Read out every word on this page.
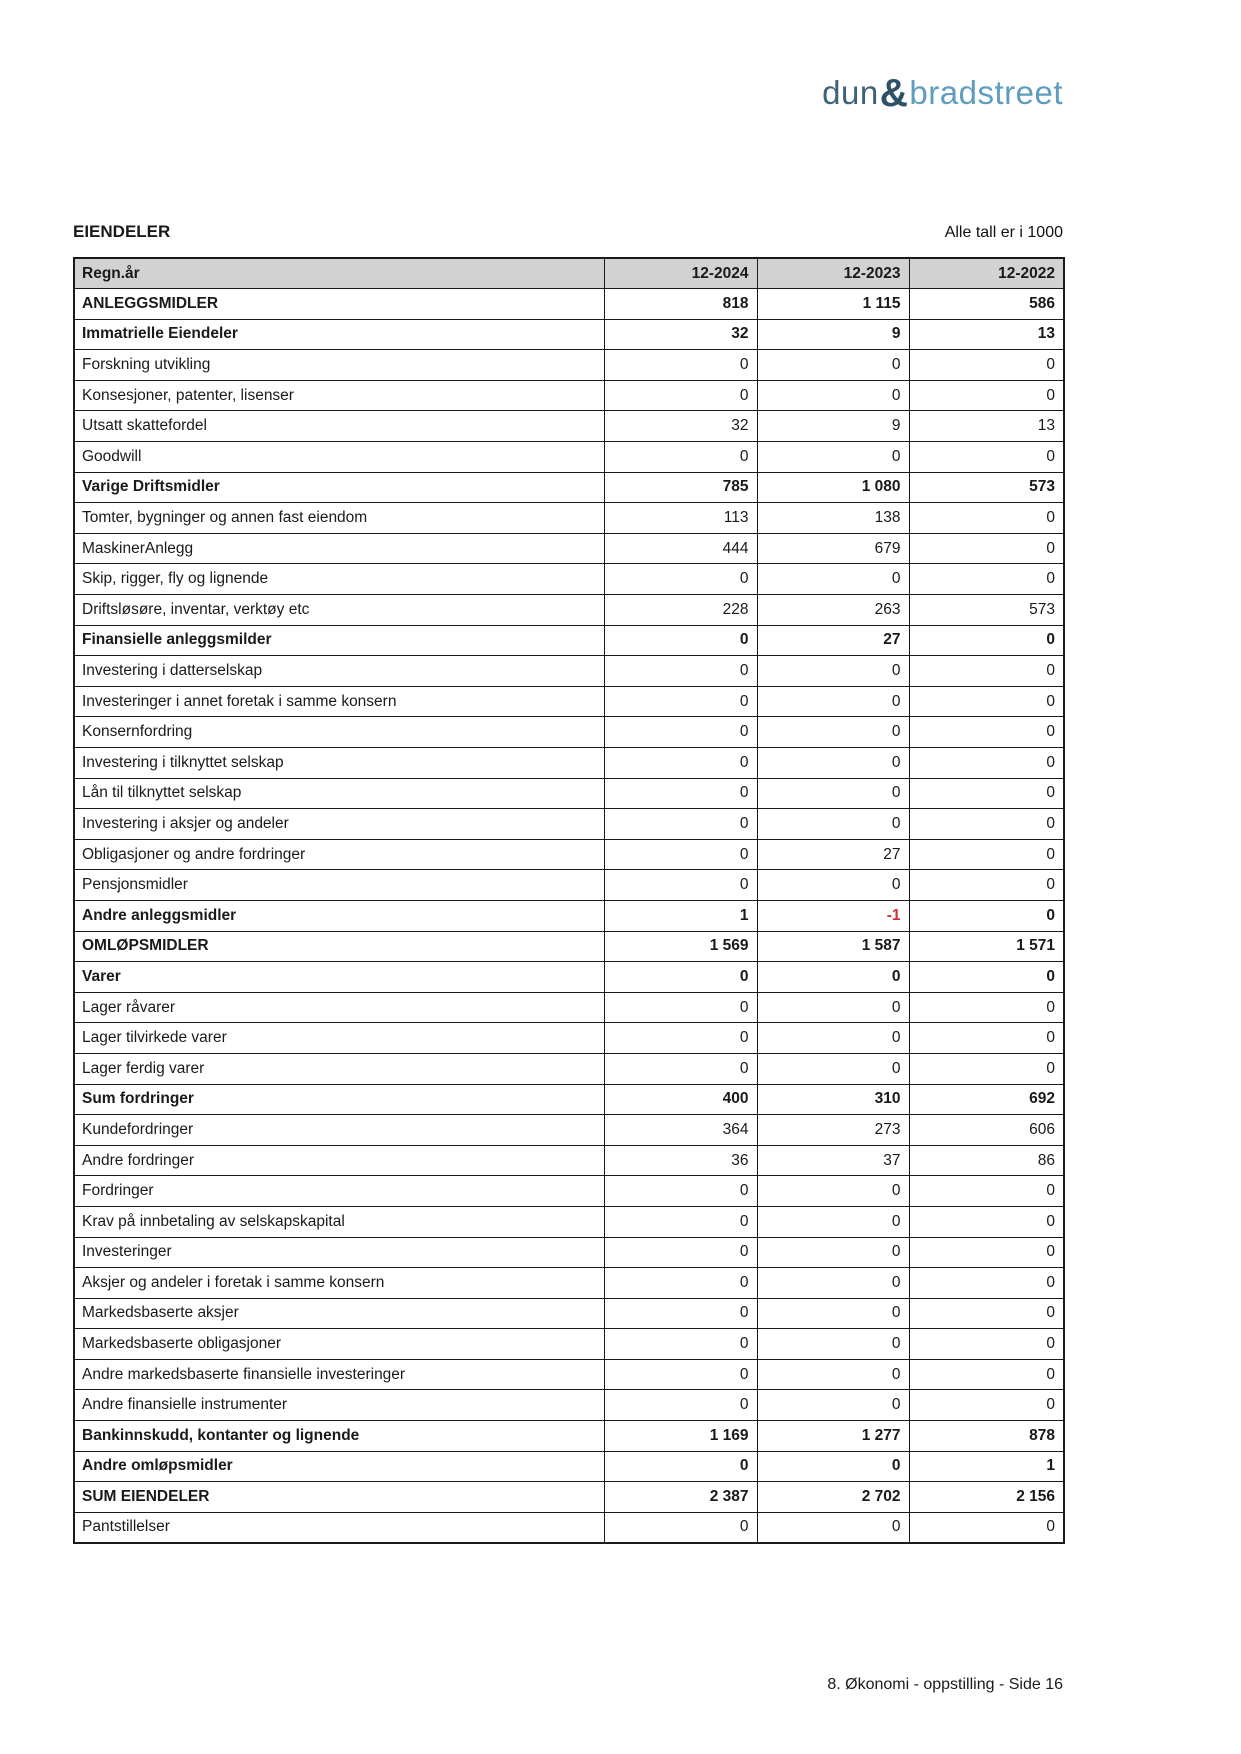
dun & bradstreet
EIENDELER	Alle tall er i 1000
Regn.år	12-2024	12-2023	12-2022
ANLEGGSMIDLER	818	1 115	586
Immatrielle Eiendeler	32	9	13
Forskning utvikling	0	0	0
Konsesjoner, patenter, lisenser	0	0	0
Utsatt skattefordel	32	9	13
Goodwill	0	0	0
Varige Driftsmidler	785	1 080	573
Tomter, bygninger og annen fast eiendom	113	138	0
MaskinerAnlegg	444	679	0
Skip, rigger, fly og lignende	0	0	0
Driftsløsøre, inventar, verktøy etc	228	263	573
Finansielle anleggsmilder	0	27	0
Investering i datterselskap	0	0	0
Investeringer i annet foretak i samme konsern	0	0	0
Konsernfordring	0	0	0
Investering i tilknyttet selskap	0	0	0
Lån til tilknyttet selskap	0	0	0
Investering i aksjer og andeler	0	0	0
Obligasjoner og andre fordringer	0	27	0
Pensjonsmidler	0	0	0
Andre anleggsmidler	1	-1	0
OMLØPSMIDLER	1 569	1 587	1 571
Varer	0	0	0
Lager råvarer	0	0	0
Lager tilvirkede varer	0	0	0
Lager ferdig varer	0	0	0
Sum fordringer	400	310	692
Kundefordringer	364	273	606
Andre fordringer	36	37	86
Fordringer	0	0	0
Krav på innbetaling av selskapskapital	0	0	0
Investeringer	0	0	0
Aksjer og andeler i foretak i samme konsern	0	0	0
Markedsbaserte aksjer	0	0	0
Markedsbaserte obligasjoner	0	0	0
Andre markedsbaserte finansielle investeringer	0	0	0
Andre finansielle instrumenter	0	0	0
Bankinnskudd, kontanter og lignende	1 169	1 277	878
Andre omløpsmidler	0	0	1
SUM EIENDELER	2 387	2 702	2 156
Pantstillelser	0	0	0
8. Økonomi - oppstilling - Side 16
